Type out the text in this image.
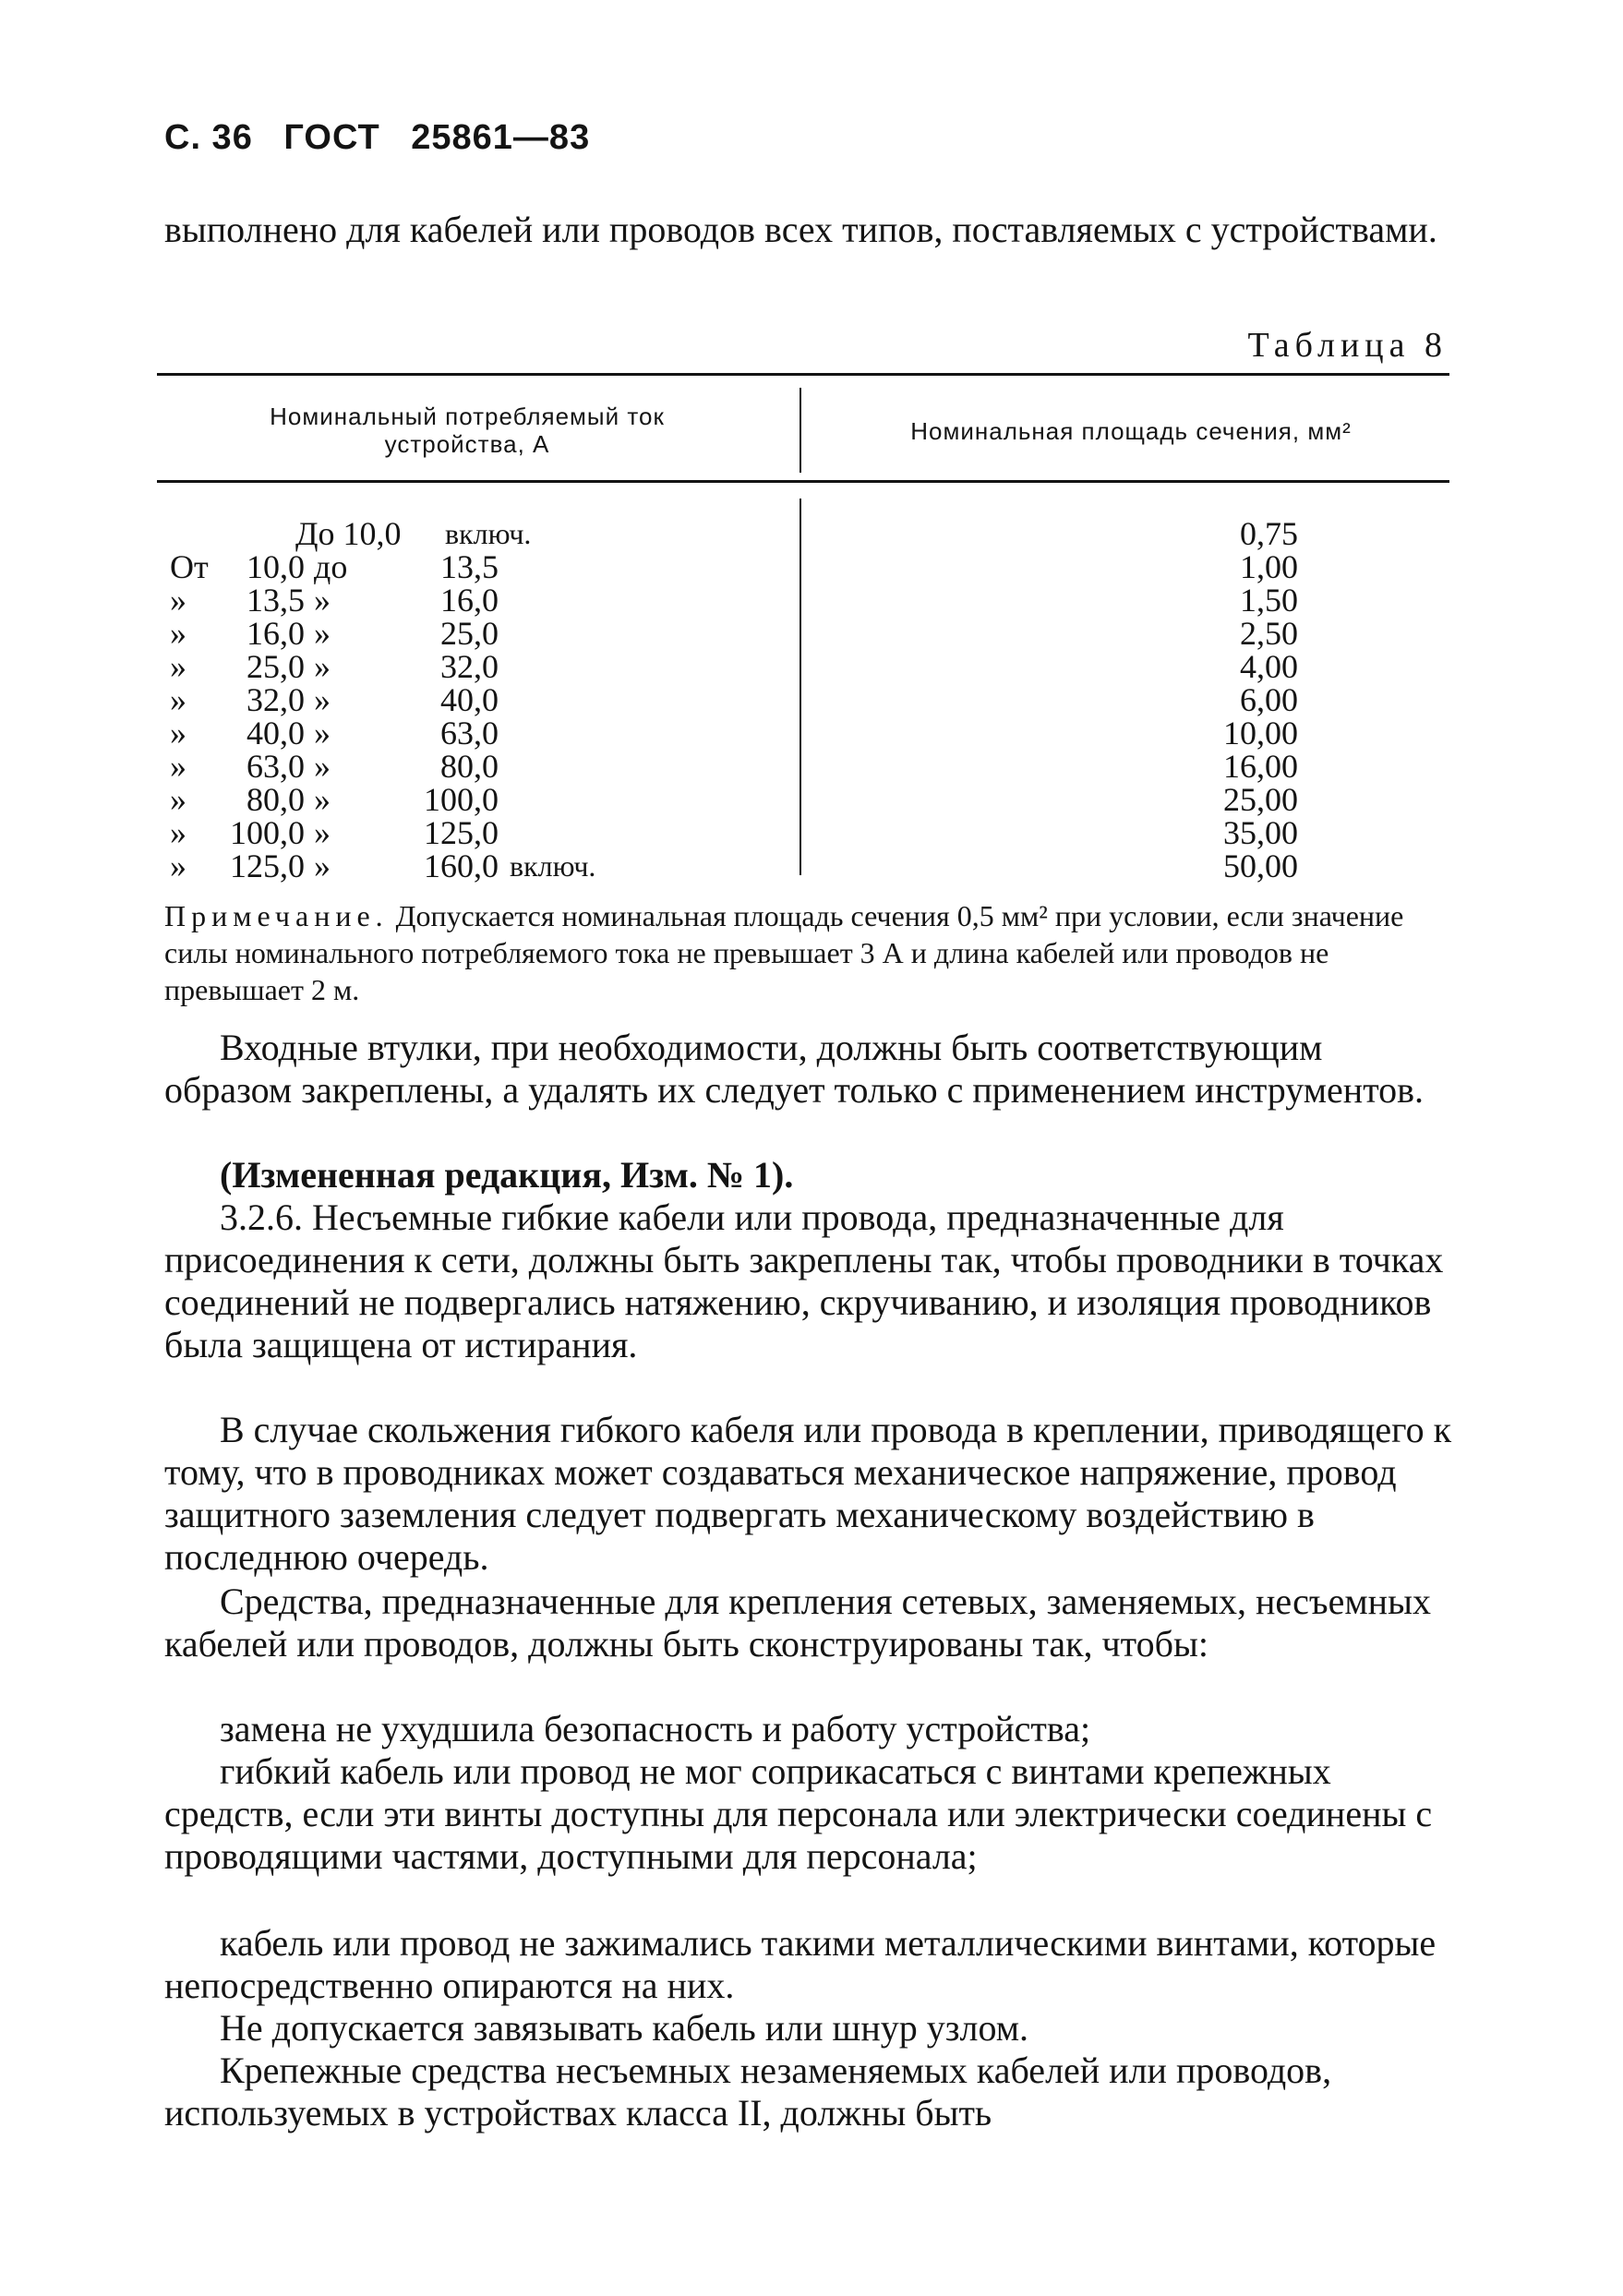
С. 36 ГОСТ 25861—83

выполнено для кабелей или проводов всех типов, поставляемых с устройствами.

Таблица 8
Номинальный потребляемый ток устройства, А	Номинальная площадь сечения, мм²
До 10,0	включ.	0,75
От	10,0 до	13,5	1,00
»	13,5 »	16,0	1,50
»	16,0 »	25,0	2,50
»	25,0 »	32,0	4,00
»	32,0 »	40,0	6,00
»	40,0 »	63,0	10,00
»	63,0 »	80,0	16,00
»	80,0 »	100,0	25,00
»	100,0 »	125,0	35,00
»	125,0 »	160,0 включ.	50,00

Примечание. Допускается номинальная площадь сечения 0,5 мм² при условии, если значение силы номинального потребляемого тока не превышает 3 А и длина кабелей или проводов не превышает 2 м.

Входные втулки, при необходимости, должны быть соответствующим образом закреплены, а удалять их следует только с применением инструментов.

(Измененная редакция, Изм. № 1).

3.2.6. Несъемные гибкие кабели или провода, предназначенные для присоединения к сети, должны быть закреплены так, чтобы проводники в точках соединений не подвергались натяжению, скручиванию, и изоляция проводников была защищена от истирания.

В случае скольжения гибкого кабеля или провода в креплении, приводящего к тому, что в проводниках может создаваться механическое напряжение, провод защитного заземления следует подвергать механическому воздействию в последнюю очередь.

Средства, предназначенные для крепления сетевых, заменяемых, несъемных кабелей или проводов, должны быть сконструированы так, чтобы:

замена не ухудшила безопасность и работу устройства;

гибкий кабель или провод не мог соприкасаться с винтами крепежных средств, если эти винты доступны для персонала или электрически соединены с проводящими частями, доступными для персонала;

кабель или провод не зажимались такими металлическими винтами, которые непосредственно опираются на них.

Не допускается завязывать кабель или шнур узлом.

Крепежные средства несъемных незаменяемых кабелей или проводов, используемых в устройствах класса II, должны быть
